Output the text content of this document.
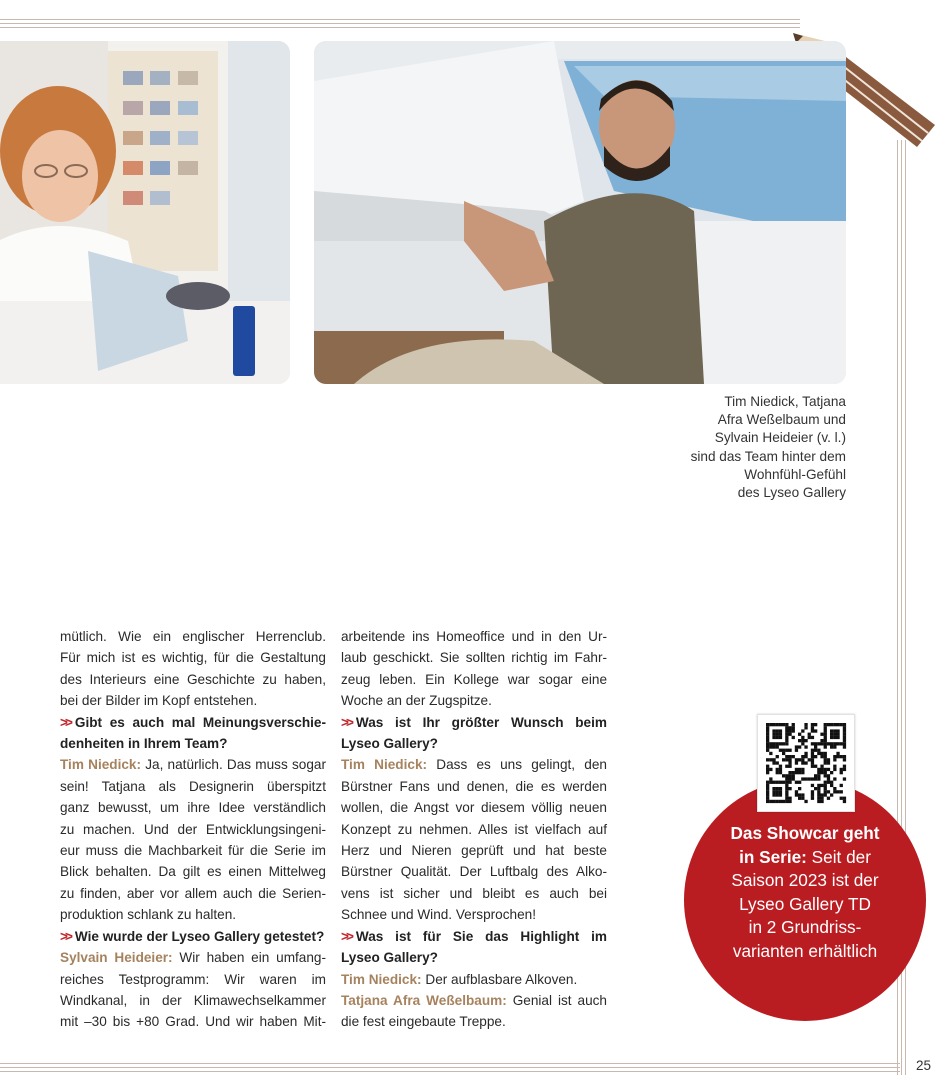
Tim Niedick, Tatjana
Afra Weßelbaum und
Sylvain Heideier (v. l.)
sind das Team hinter dem
Wohnfühl-Gefühl
des Lyseo Gallery

mütlich. Wie ein englischer Herrenclub.

Für mich ist es wichtig, für die Gestaltung

des Interieurs eine Geschichte zu haben,

bei der Bilder im Kopf entstehen.

>> Gibt es auch mal Meinungsverschie-

denheiten in Ihrem Team?

Tim Niedick: Ja, natürlich. Das muss sogar

sein! Tatjana als Designerin überspitzt

ganz bewusst, um ihre Idee verständlich

zu machen. Und der Entwicklungsingeni-

eur muss die Machbarkeit für die Serie im

Blick behalten. Da gilt es einen Mittelweg

zu finden, aber vor allem auch die Serien-

produktion schlank zu halten.

>> Wie wurde der Lyseo Gallery getestet?

Sylvain Heideier: Wir haben ein umfang-

reiches Testprogramm: Wir waren im

Windkanal, in der Klimawechselkammer

mit –30 bis +80 Grad. Und wir haben Mit-

arbeitende ins Homeoffice und in den Ur-

laub geschickt. Sie sollten richtig im Fahr-

zeug leben. Ein Kollege war sogar eine

Woche an der Zugspitze.

>> Was ist Ihr größter Wunsch beim

Lyseo Gallery?

Tim Niedick: Dass es uns gelingt, den

Bürstner Fans und denen, die es werden

wollen, die Angst vor diesem völlig neuen

Konzept zu nehmen. Alles ist vielfach auf

Herz und Nieren geprüft und hat beste

Bürstner Qualität. Der Luftbalg des Alko-

vens ist sicher und bleibt es auch bei

Schnee und Wind. Versprochen!

>> Was ist für Sie das Highlight im

Lyseo Gallery?

Tim Niedick: Der aufblasbare Alkoven.

Tatjana Afra Weßelbaum: Genial ist auch

die fest eingebaute Treppe.

Das Showcar geht
in Serie: Seit der
Saison 2023 ist der
Lyseo Gallery TD
in 2 Grundriss-
varianten erhältlich
25
